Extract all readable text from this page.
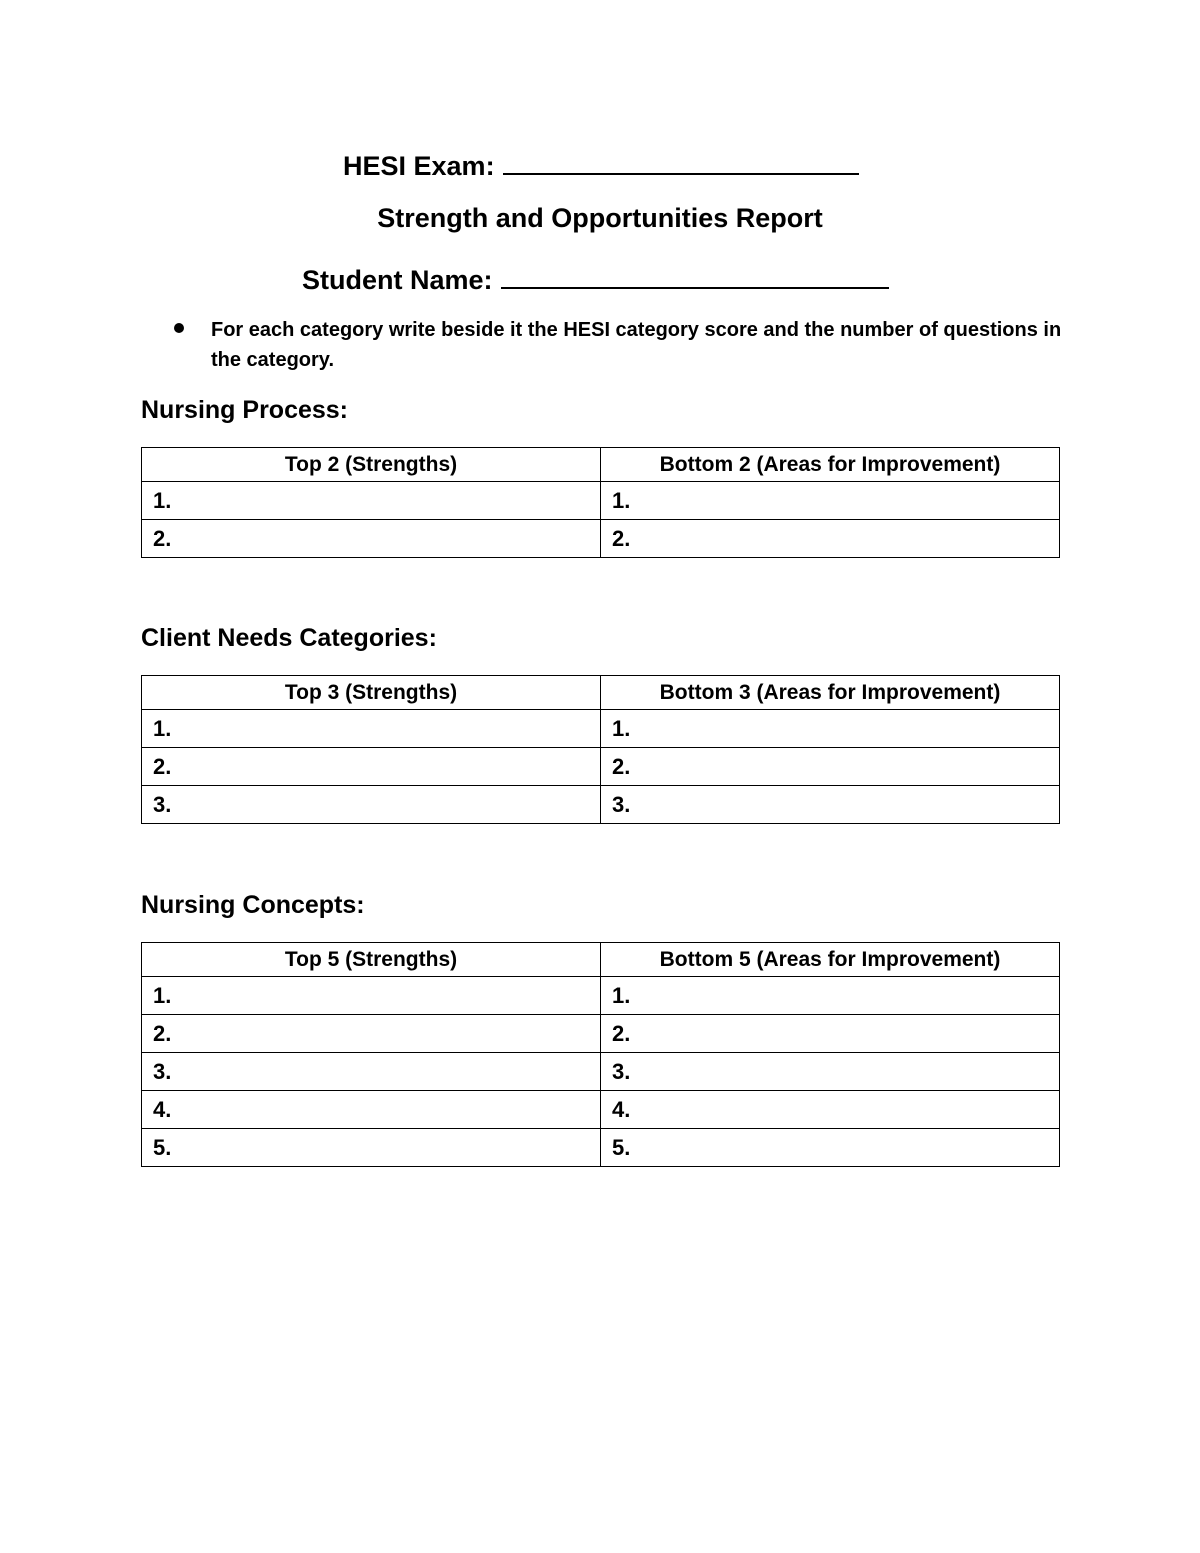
HESI Exam:
Strength and Opportunities Report
Student Name:
For each category write beside it the HESI category score and the number of questions in the category.
Nursing Process:
Top 2 (Strengths)	Bottom 2 (Areas for Improvement)
1.	1.
2.	2.
Client Needs Categories:
Top 3 (Strengths)	Bottom 3 (Areas for Improvement)
1.	1.
2.	2.
3.	3.
Nursing Concepts:
Top 5 (Strengths)	Bottom 5 (Areas for Improvement)
1.	1.
2.	2.
3.	3.
4.	4.
5.	5.
